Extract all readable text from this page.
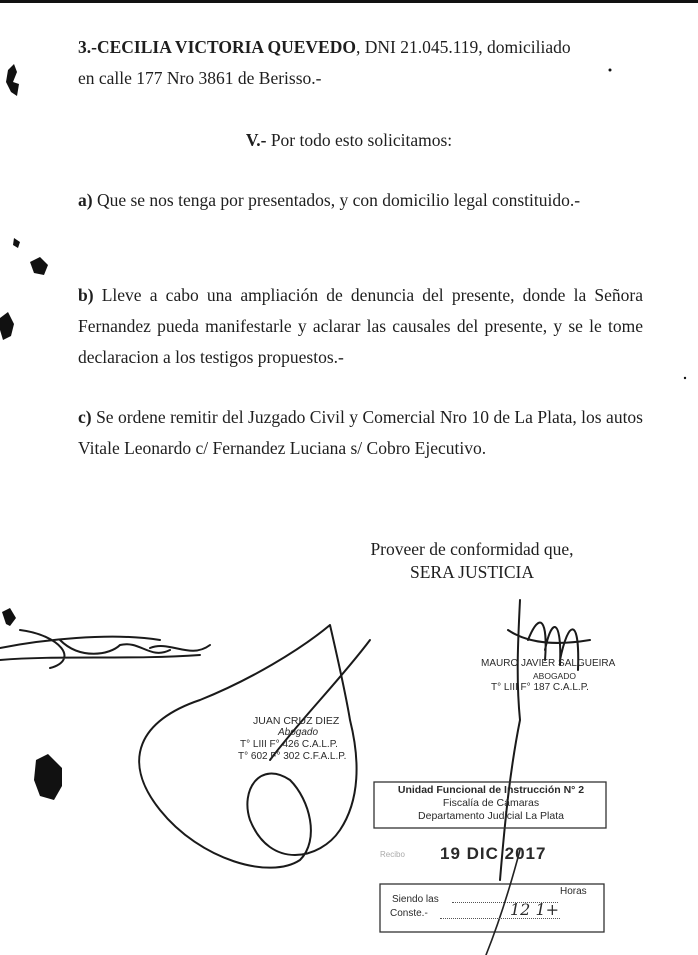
3.-CECILIA VICTORIA QUEVEDO, DNI 21.045.119, domiciliado
en calle 177 Nro 3861 de Berisso.-
V.- Por todo esto solicitamos:
a) Que se nos tenga por presentados, y con domicilio legal constituido.-
b) Lleve a cabo una ampliación de denuncia del presente, donde la Señora Fernandez pueda manifestarle y aclarar las causales del presente, y se le tome declaracion a los testigos propuestos.-
c) Se ordene remitir del Juzgado Civil y Comercial Nro 10 de La Plata, los autos Vitale Leonardo c/ Fernandez Luciana s/ Cobro Ejecutivo.
Proveer de conformidad que,
SERA JUSTICIA
JUAN CRUZ DIEZ
Abogado
T° LIII F° 426 C.A.L.P.
T° 602 F° 302 C.F.A.L.P.
MAURO JAVIER SALGUEIRA
ABOGADO
T° LIII F° 187 C.A.L.P.
Unidad Funcional de Instrucción N° 2
Fiscalía de Cámaras
Departamento Judicial La Plata
Recibo 19 DIC 2017
Siendo las
Horas
Conste.-	12 1+
